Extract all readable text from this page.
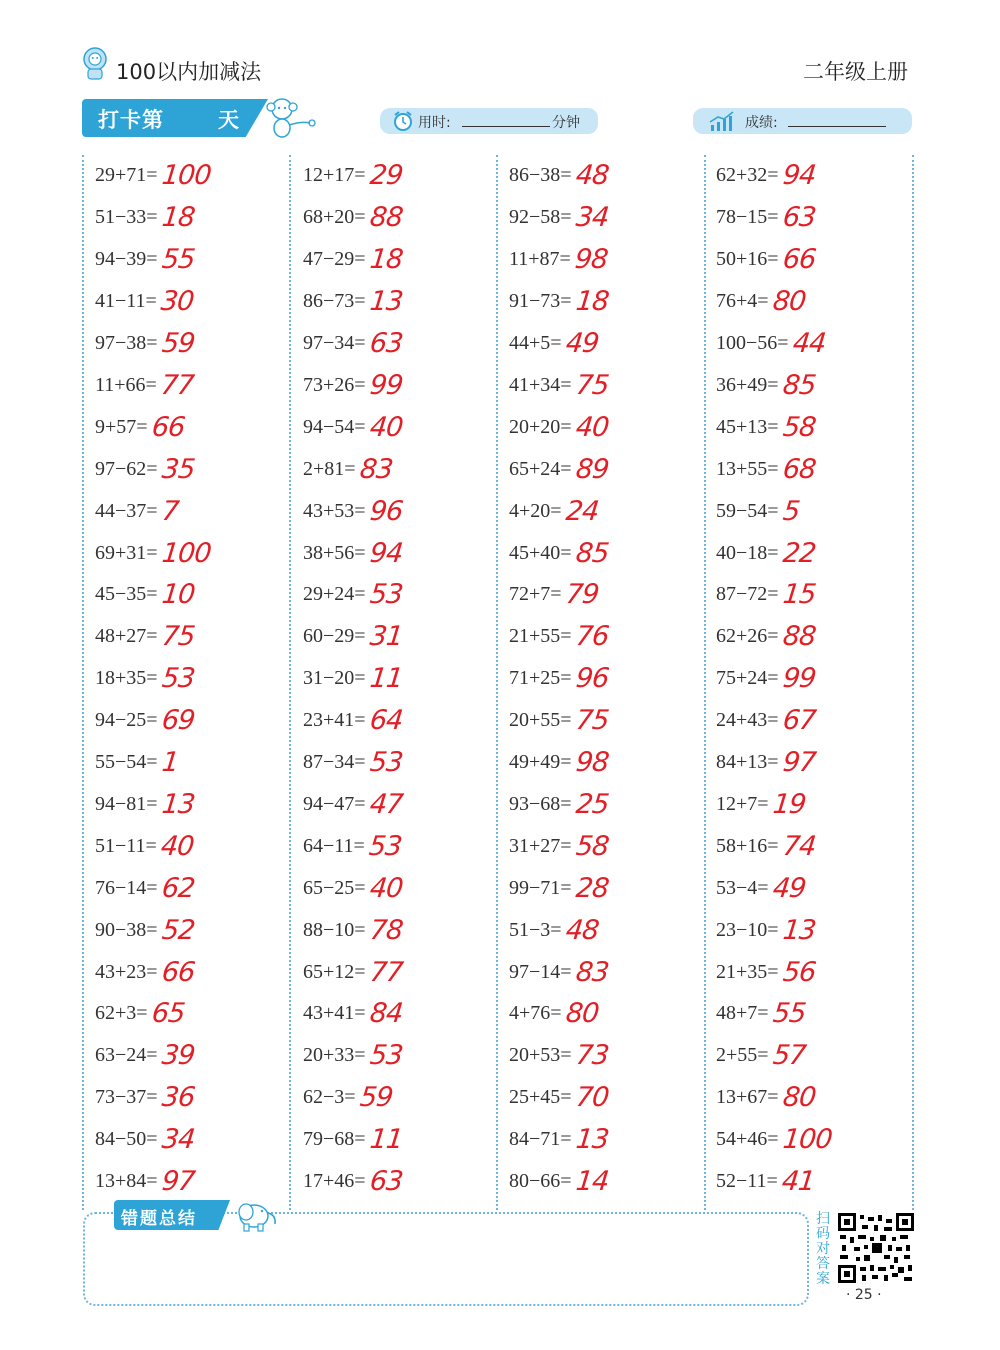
100以内加减法	二年级上册
打卡第	天	用时:	分钟	成绩:
29+71= 100
51−33= 18
94−39= 55
41−11= 30
97−38= 59
11+66= 77
9+57= 66
97−62= 35
44−37= 7
69+31= 100
45−35= 10
48+27= 75
18+35= 53
94−25= 69
55−54= 1
94−81= 13
51−11= 40
76−14= 62
90−38= 52
43+23= 66
62+3= 65
63−24= 39
73−37= 36
84−50= 34
13+84= 97
12+17= 29
68+20= 88
47−29= 18
86−73= 13
97−34= 63
73+26= 99
94−54= 40
2+81= 83
43+53= 96
38+56= 94
29+24= 53
60−29= 31
31−20= 11
23+41= 64
87−34= 53
94−47= 47
64−11= 53
65−25= 40
88−10= 78
65+12= 77
43+41= 84
20+33= 53
62−3= 59
79−68= 11
17+46= 63
86−38= 48
92−58= 34
11+87= 98
91−73= 18
44+5= 49
41+34= 75
20+20= 40
65+24= 89
4+20= 24
45+40= 85
72+7= 79
21+55= 76
71+25= 96
20+55= 75
49+49= 98
93−68= 25
31+27= 58
99−71= 28
51−3= 48
97−14= 83
4+76= 80
20+53= 73
25+45= 70
84−71= 13
80−66= 14
62+32= 94
78−15= 63
50+16= 66
76+4= 80
100−56= 44
36+49= 85
45+13= 58
13+55= 68
59−54= 5
40−18= 22
87−72= 15
62+26= 88
75+24= 99
24+43= 67
84+13= 97
12+7= 19
58+16= 74
53−4= 49
23−10= 13
21+35= 56
48+7= 55
2+55= 57
13+67= 80
54+46= 100
52−11= 41
错题总结	扫码对答案
· 25 ·
